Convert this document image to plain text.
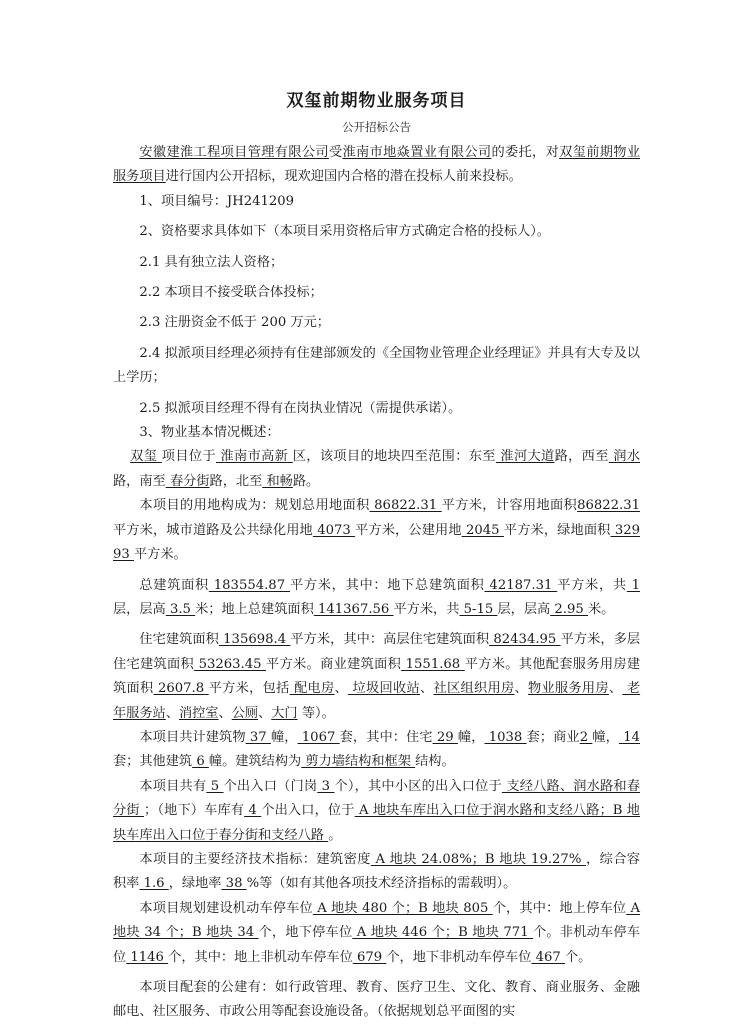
双玺前期物业服务项目
公开招标公告

安徽建淮工程项目管理有限公司受淮南市地焱置业有限公司的委托，对双玺前期物业服务项目进行国内公开招标，现欢迎国内合格的潜在投标人前来投标。

1、项目编号：JH241209

2、资格要求具体如下（本项目采用资格后审方式确定合格的投标人）。

2.1 具有独立法人资格；

2.2 本项目不接受联合体投标；

2.3 注册资金不低于 200 万元；

2.4 拟派项目经理必须持有住建部颁发的《全国物业管理企业经理证》并具有大专及以上学历；

2.5 拟派项目经理不得有在岗执业情况（需提供承诺）。

3、物业基本情况概述：

双玺 项目位于 淮南市高新 区，该项目的地块四至范围：东至 淮河大道路，西至 润水路，南至 春分街路，北至 和畅路。

本项目的用地构成为：规划总用地面积 86822.31 平方米，计容用地面积86822.31 平方米，城市道路及公共绿化用地 4073 平方米，公建用地 2045 平方米，绿地面积 32993 平方米。

总建筑面积 183554.87 平方米，其中：地下总建筑面积 42187.31 平方米，共 1 层，层高 3.5 米；地上总建筑面积 141367.56 平方米，共 5-15 层，层高 2.95 米。

住宅建筑面积 135698.4 平方米，其中：高层住宅建筑面积 82434.95 平方米，多层住宅建筑面积 53263.45 平方米。商业建筑面积 1551.68 平方米。其他配套服务用房建筑面积 2607.8 平方米，包括 配电房、 垃圾回收站、社区组织用房、物业服务用房、 老年服务站、消控室、公厕、大门 等）。

本项目共计建筑物 37 幢， 1067 套，其中：住宅 29 幢， 1038 套；商业2 幢， 14 套；其他建筑 6 幢。建筑结构为 剪力墙结构和框架 结构。

本项目共有 5 个出入口（门岗 3 个），其中小区的出入口位于 支经八路、润水路和春分街 ；（地下）车库有 4 个出入口，位于 A 地块车库出入口位于润水路和支经八路；B 地块车库出入口位于春分街和支经八路 。

本项目的主要经济技术指标：建筑密度 A 地块 24.08%；B 地块 19.27% ，综合容积率 1.6 ，绿地率 38 %等（如有其他各项技术经济指标的需载明）。

本项目规划建设机动车停车位 A 地块 480 个；B 地块 805 个，其中：地上停车位 A 地块 34 个；B 地块 34 个，地下停车位 A 地块 446 个；B 地块 771 个。非机动车停车位 1146 个，其中：地上非机动车停车位 679 个，地下非机动车停车位 467 个。

本项目配套的公建有：如行政管理、教育、医疗卫生、文化、教育、商业服务、金融邮电、社区服务、市政公用等配套设施设备。（依据规划总平面图的实
